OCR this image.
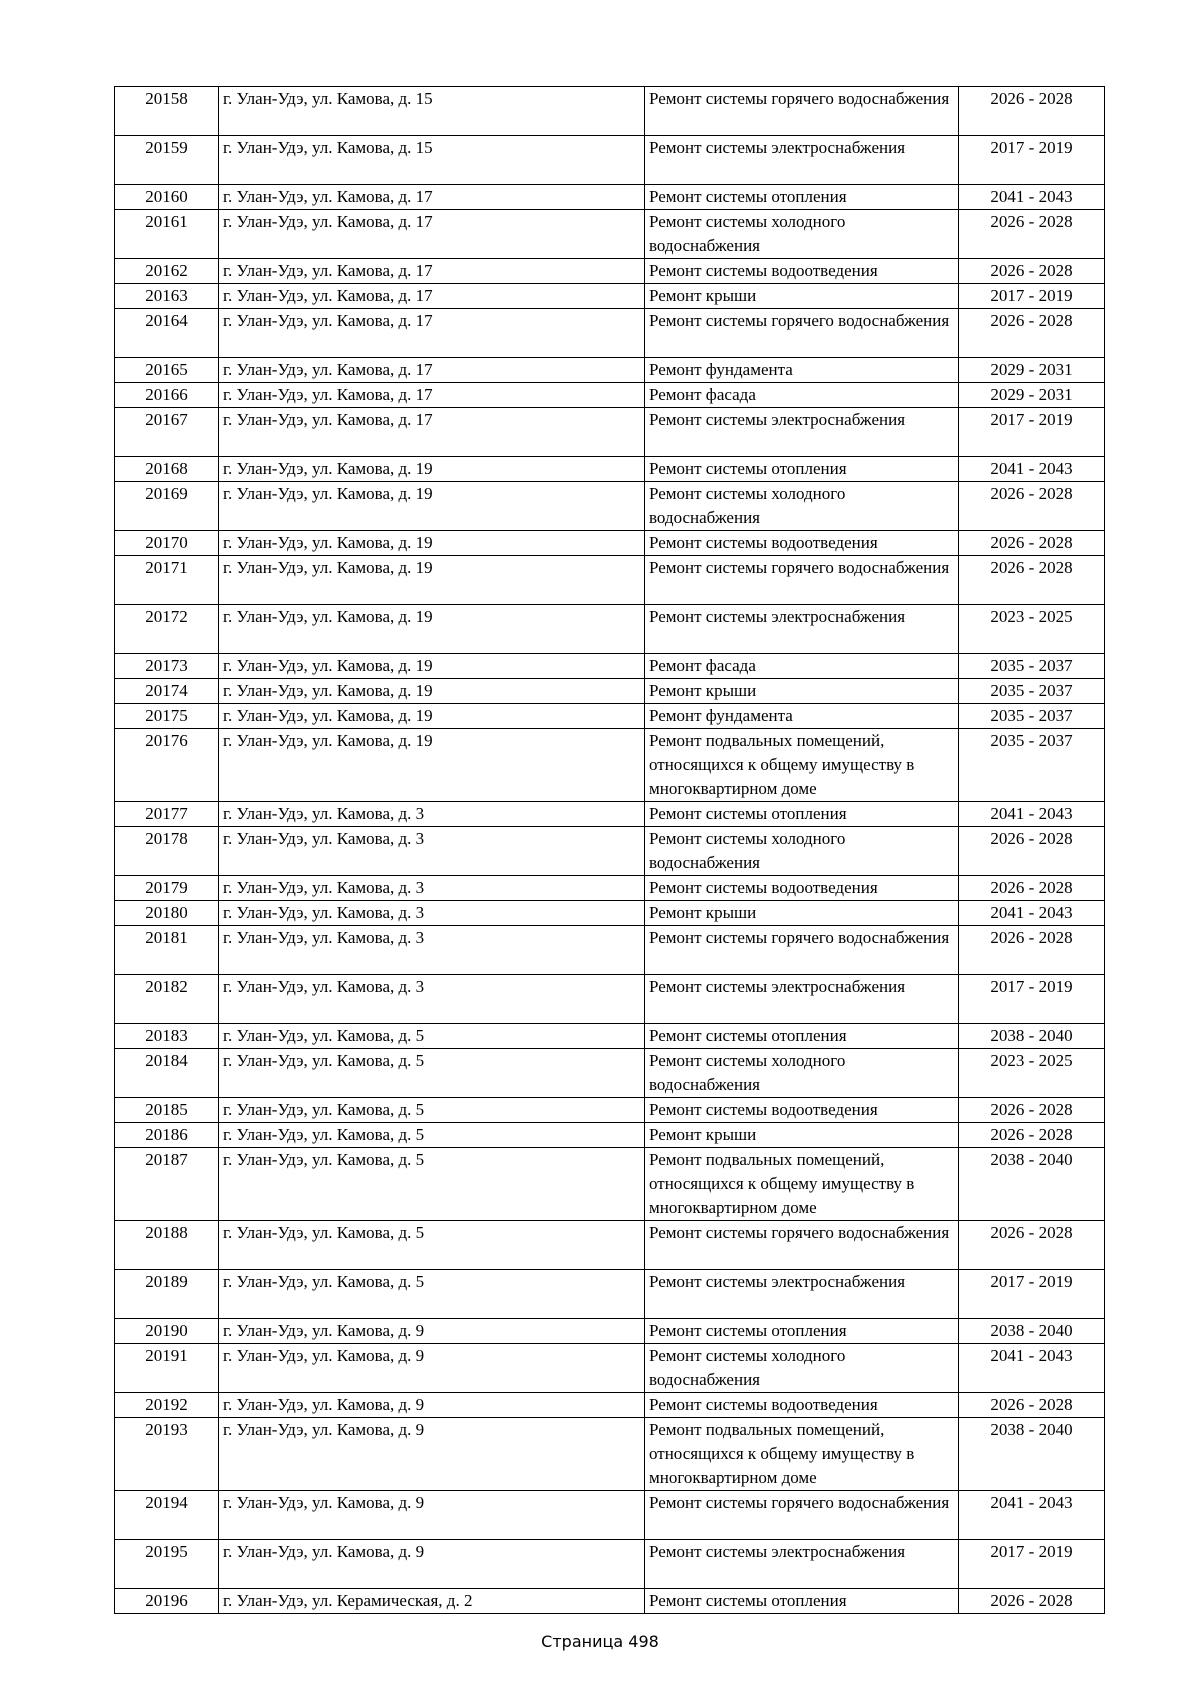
20158	г. Улан-Удэ, ул. Камова, д. 15	Ремонт системы горячего водоснабжения	2026 - 2028
20159	г. Улан-Удэ, ул. Камова, д. 15	Ремонт системы электроснабжения	2017 - 2019
20160	г. Улан-Удэ, ул. Камова, д. 17	Ремонт системы отопления	2041 - 2043
20161	г. Улан-Удэ, ул. Камова, д. 17	Ремонт системы холодного водоснабжения	2026 - 2028
20162	г. Улан-Удэ, ул. Камова, д. 17	Ремонт системы водоотведения	2026 - 2028
20163	г. Улан-Удэ, ул. Камова, д. 17	Ремонт крыши	2017 - 2019
20164	г. Улан-Удэ, ул. Камова, д. 17	Ремонт системы горячего водоснабжения	2026 - 2028
20165	г. Улан-Удэ, ул. Камова, д. 17	Ремонт фундамента	2029 - 2031
20166	г. Улан-Удэ, ул. Камова, д. 17	Ремонт фасада	2029 - 2031
20167	г. Улан-Удэ, ул. Камова, д. 17	Ремонт системы электроснабжения	2017 - 2019
20168	г. Улан-Удэ, ул. Камова, д. 19	Ремонт системы отопления	2041 - 2043
20169	г. Улан-Удэ, ул. Камова, д. 19	Ремонт системы холодного водоснабжения	2026 - 2028
20170	г. Улан-Удэ, ул. Камова, д. 19	Ремонт системы водоотведения	2026 - 2028
20171	г. Улан-Удэ, ул. Камова, д. 19	Ремонт системы горячего водоснабжения	2026 - 2028
20172	г. Улан-Удэ, ул. Камова, д. 19	Ремонт системы электроснабжения	2023 - 2025
20173	г. Улан-Удэ, ул. Камова, д. 19	Ремонт фасада	2035 - 2037
20174	г. Улан-Удэ, ул. Камова, д. 19	Ремонт крыши	2035 - 2037
20175	г. Улан-Удэ, ул. Камова, д. 19	Ремонт фундамента	2035 - 2037
20176	г. Улан-Удэ, ул. Камова, д. 19	Ремонт подвальных помещений, относящихся к общему имуществу в многоквартирном доме	2035 - 2037
20177	г. Улан-Удэ, ул. Камова, д. 3	Ремонт системы отопления	2041 - 2043
20178	г. Улан-Удэ, ул. Камова, д. 3	Ремонт системы холодного водоснабжения	2026 - 2028
20179	г. Улан-Удэ, ул. Камова, д. 3	Ремонт системы водоотведения	2026 - 2028
20180	г. Улан-Удэ, ул. Камова, д. 3	Ремонт крыши	2041 - 2043
20181	г. Улан-Удэ, ул. Камова, д. 3	Ремонт системы горячего водоснабжения	2026 - 2028
20182	г. Улан-Удэ, ул. Камова, д. 3	Ремонт системы электроснабжения	2017 - 2019
20183	г. Улан-Удэ, ул. Камова, д. 5	Ремонт системы отопления	2038 - 2040
20184	г. Улан-Удэ, ул. Камова, д. 5	Ремонт системы холодного водоснабжения	2023 - 2025
20185	г. Улан-Удэ, ул. Камова, д. 5	Ремонт системы водоотведения	2026 - 2028
20186	г. Улан-Удэ, ул. Камова, д. 5	Ремонт крыши	2026 - 2028
20187	г. Улан-Удэ, ул. Камова, д. 5	Ремонт подвальных помещений, относящихся к общему имуществу в многоквартирном доме	2038 - 2040
20188	г. Улан-Удэ, ул. Камова, д. 5	Ремонт системы горячего водоснабжения	2026 - 2028
20189	г. Улан-Удэ, ул. Камова, д. 5	Ремонт системы электроснабжения	2017 - 2019
20190	г. Улан-Удэ, ул. Камова, д. 9	Ремонт системы отопления	2038 - 2040
20191	г. Улан-Удэ, ул. Камова, д. 9	Ремонт системы холодного водоснабжения	2041 - 2043
20192	г. Улан-Удэ, ул. Камова, д. 9	Ремонт системы водоотведения	2026 - 2028
20193	г. Улан-Удэ, ул. Камова, д. 9	Ремонт подвальных помещений, относящихся к общему имуществу в многоквартирном доме	2038 - 2040
20194	г. Улан-Удэ, ул. Камова, д. 9	Ремонт системы горячего водоснабжения	2041 - 2043
20195	г. Улан-Удэ, ул. Камова, д. 9	Ремонт системы электроснабжения	2017 - 2019
20196	г. Улан-Удэ, ул. Керамическая, д. 2	Ремонт системы отопления	2026 - 2028
Страница 498
